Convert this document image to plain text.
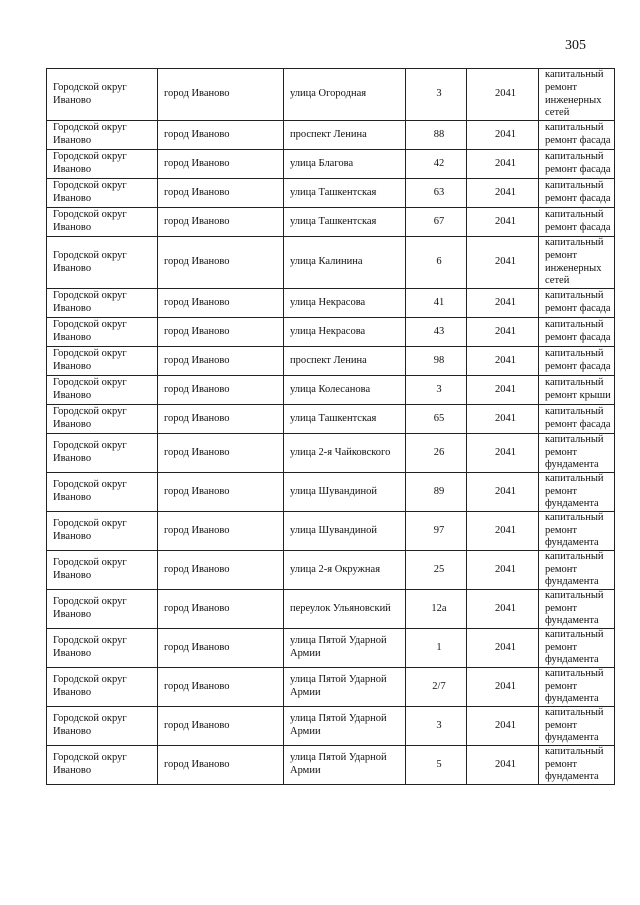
305
Городской округ Иваново	город Иваново	улица Огородная	3	2041	капитальный ремонт инженерных сетей
Городской округ Иваново	город Иваново	проспект Ленина	88	2041	капитальный ремонт фасада
Городской округ Иваново	город Иваново	улица Благова	42	2041	капитальный ремонт фасада
Городской округ Иваново	город Иваново	улица Ташкентская	63	2041	капитальный ремонт фасада
Городской округ Иваново	город Иваново	улица Ташкентская	67	2041	капитальный ремонт фасада
Городской округ Иваново	город Иваново	улица Калинина	6	2041	капитальный ремонт инженерных сетей
Городской округ Иваново	город Иваново	улица Некрасова	41	2041	капитальный ремонт фасада
Городской округ Иваново	город Иваново	улица Некрасова	43	2041	капитальный ремонт фасада
Городской округ Иваново	город Иваново	проспект Ленина	98	2041	капитальный ремонт фасада
Городской округ Иваново	город Иваново	улица Колесанова	3	2041	капитальный ремонт крыши
Городской округ Иваново	город Иваново	улица Ташкентская	65	2041	капитальный ремонт фасада
Городской округ Иваново	город Иваново	улица 2-я Чайковского	26	2041	капитальный ремонт фундамента
Городской округ Иваново	город Иваново	улица Шувандиной	89	2041	капитальный ремонт фундамента
Городской округ Иваново	город Иваново	улица Шувандиной	97	2041	капитальный ремонт фундамента
Городской округ Иваново	город Иваново	улица 2-я Окружная	25	2041	капитальный ремонт фундамента
Городской округ Иваново	город Иваново	переулок Ульяновский	12а	2041	капитальный ремонт фундамента
Городской округ Иваново	город Иваново	улица Пятой Ударной Армии	1	2041	капитальный ремонт фундамента
Городской округ Иваново	город Иваново	улица Пятой Ударной Армии	2/7	2041	капитальный ремонт фундамента
Городской округ Иваново	город Иваново	улица Пятой Ударной Армии	3	2041	капитальный ремонт фундамента
Городской округ Иваново	город Иваново	улица Пятой Ударной Армии	5	2041	капитальный ремонт фундамента
